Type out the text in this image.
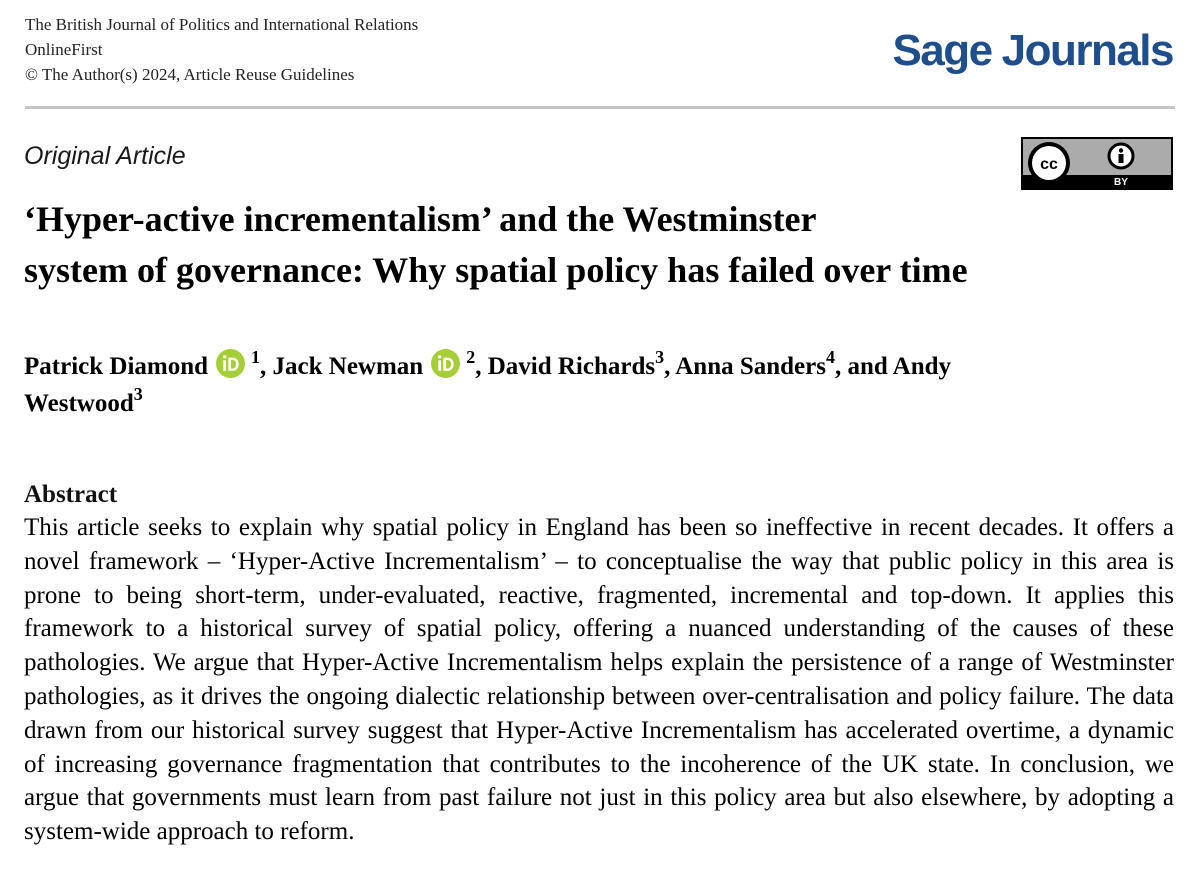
The British Journal of Politics and International Relations
OnlineFirst
© The Author(s) 2024, Article Reuse Guidelines	Sage Journals
Original Article	cc
BY
‘Hyper-active incrementalism’ and the Westminster
system of governance: Why spatial policy has failed over time
Patrick Diamond $^1$, Jack Newman $^2$, David Richards$^3$, Anna Sanders$^4$, and Andy
Westwood$^3$
Abstract

This article seeks to explain why spatial policy in England has been so ineffective in recent decades. It offers a novel framework – ‘Hyper-Active Incrementalism’ – to conceptualise the way that public policy in this area is prone to being short-term, under-evaluated, reactive, fragmented, incremental and top-down. It applies this framework to a historical survey of spatial policy, offering a nuanced understanding of the causes of these pathologies. We argue that Hyper-Active Incrementalism helps explain the persistence of a range of Westminster pathologies, as it drives the ongoing dialectic relationship between over-centralisation and policy failure. The data drawn from our historical survey suggest that Hyper-Active Incrementalism has accelerated overtime, a dynamic of increasing governance fragmentation that contributes to the incoherence of the UK state. In conclusion, we argue that governments must learn from past failure not just in this policy area but also elsewhere, by adopting a system-wide approach to reform.
